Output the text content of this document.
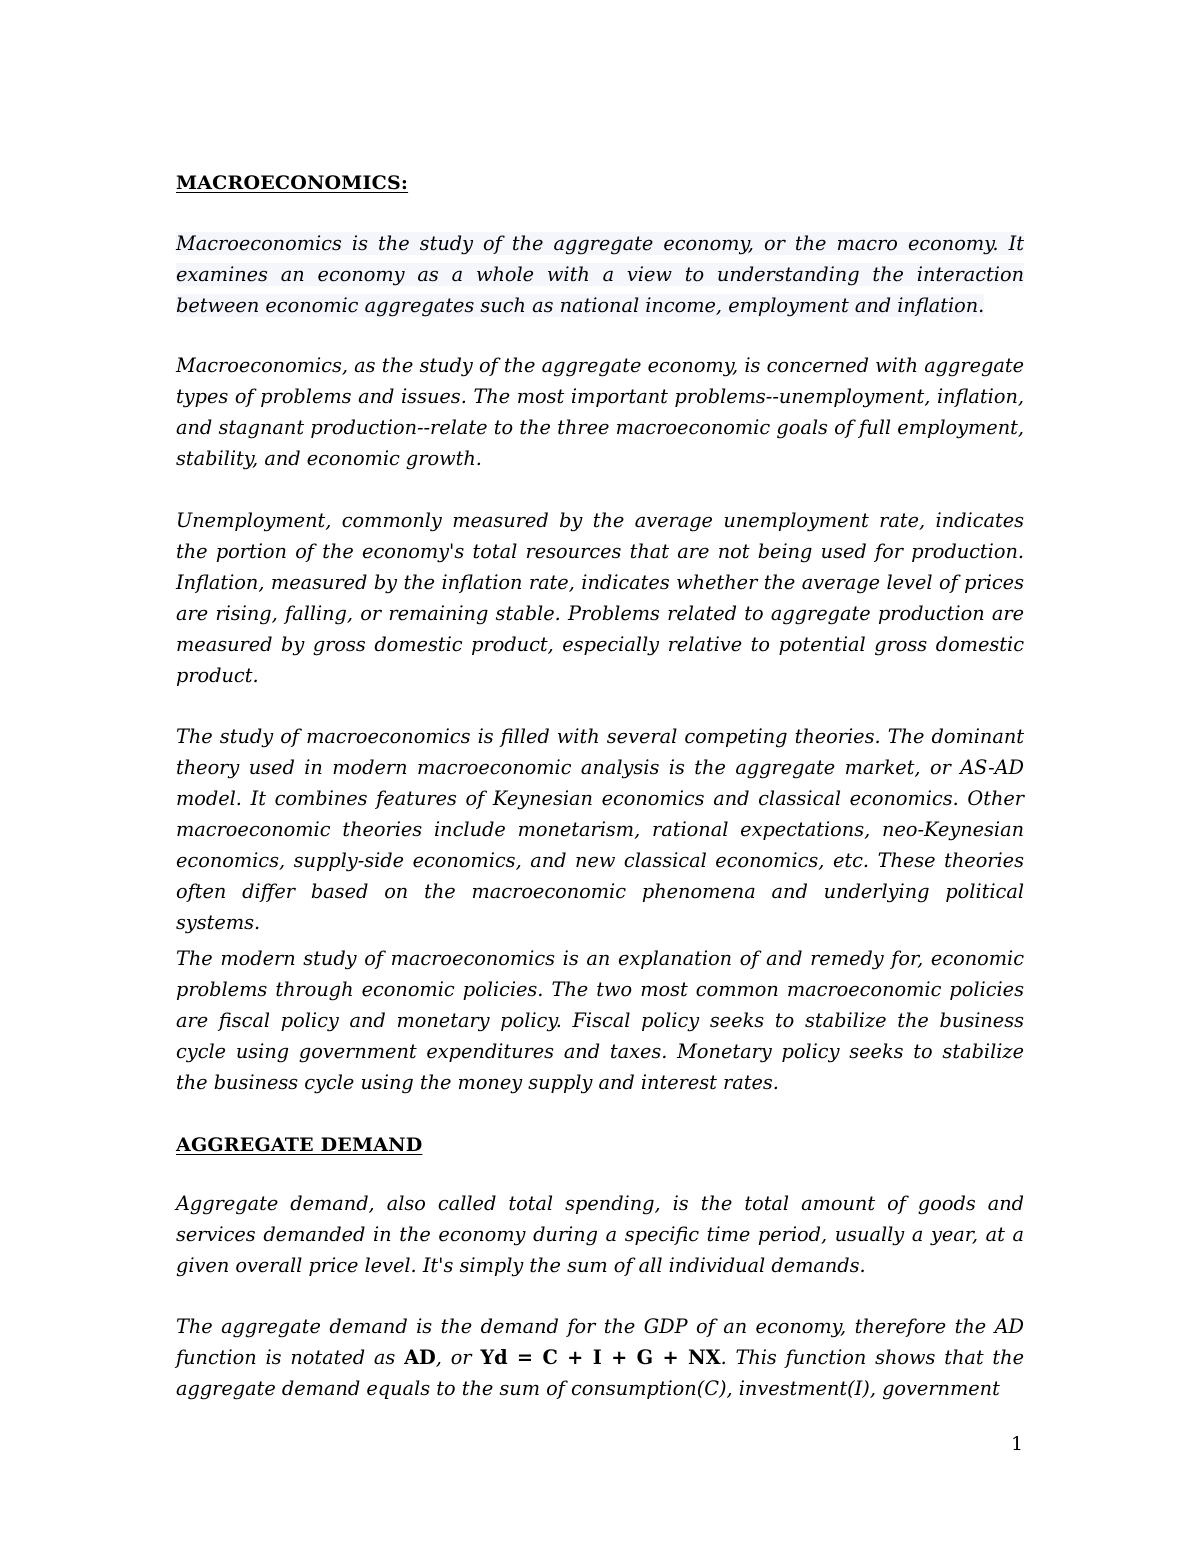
MACROECONOMICS:

Macroeconomics is the study of the aggregate economy, or the macro economy. It examines an economy as a whole with a view to understanding the interaction between economic aggregates such as national income, employment and inflation.

Macroeconomics, as the study of the aggregate economy, is concerned with aggregate types of problems and issues. The most important problems--unemployment, inflation, and stagnant production--relate to the three macroeconomic goals of full employment, stability, and economic growth.

Unemployment, commonly measured by the average unemployment rate, indicates the portion of the economy's total resources that are not being used for production. Inflation, measured by the inflation rate, indicates whether the average level of prices are rising, falling, or remaining stable. Problems related to aggregate production are measured by gross domestic product, especially relative to potential gross domestic product.

The study of macroeconomics is filled with several competing theories. The dominant theory used in modern macroeconomic analysis is the aggregate market, or AS-AD model. It combines features of Keynesian economics and classical economics. Other macroeconomic theories include monetarism, rational expectations, neo-Keynesian economics, supply-side economics, and new classical economics, etc. These theories often differ based on the macroeconomic phenomena and underlying political systems.

The modern study of macroeconomics is an explanation of and remedy for, economic problems through economic policies. The two most common macroeconomic policies are fiscal policy and monetary policy. Fiscal policy seeks to stabilize the business cycle using government expenditures and taxes. Monetary policy seeks to stabilize the business cycle using the money supply and interest rates.

AGGREGATE DEMAND

Aggregate demand, also called total spending, is the total amount of goods and services demanded in the economy during a specific time period, usually a year, at a given overall price level. It's simply the sum of all individual demands.

The aggregate demand is the demand for the GDP of an economy, therefore the AD function is notated as AD, or Yd = C + I + G + NX. This function shows that the aggregate demand equals to the sum of consumption(C), investment(I), government

1
